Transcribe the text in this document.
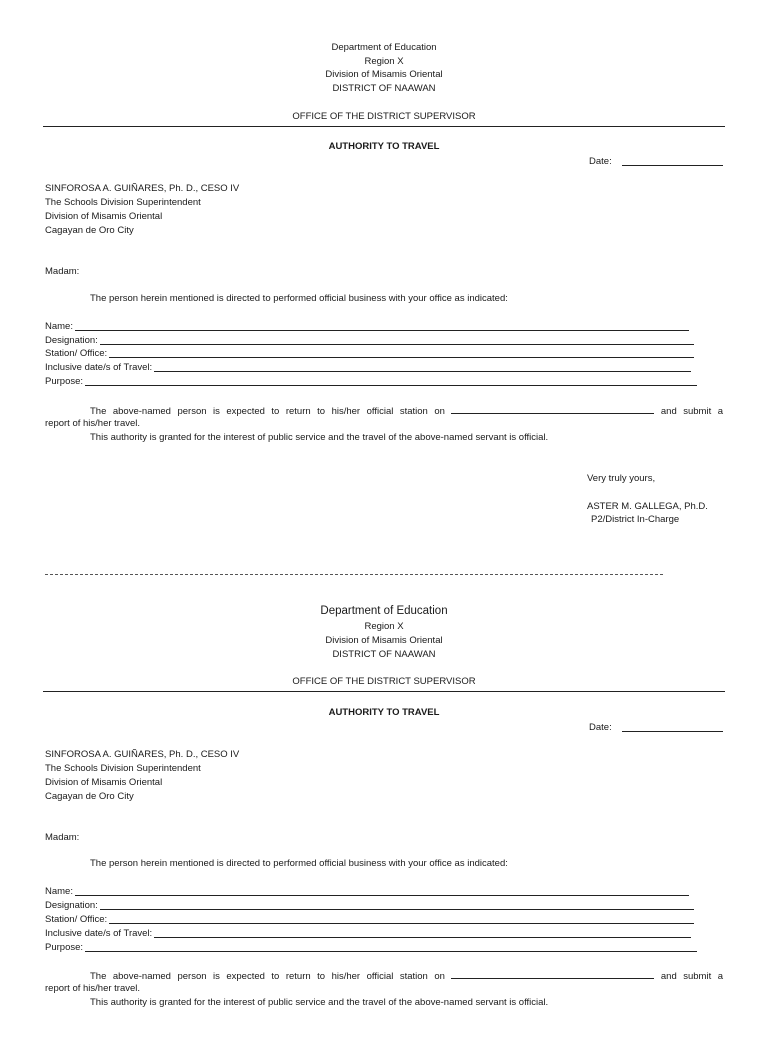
Department of Education
Region X
Division of Misamis Oriental
DISTRICT OF NAAWAN
OFFICE OF THE DISTRICT SUPERVISOR
AUTHORITY TO TRAVEL
Date:
SINFOROSA A. GUIÑARES, Ph. D., CESO IV
The Schools Division Superintendent
Division of Misamis Oriental
Cagayan de Oro City
Madam:
The person herein mentioned is directed to performed official business with your office as indicated:
Name:
Designation:
Station/ Office:
Inclusive date/s of Travel:
Purpose:
The above-named person is expected to return to his/her official station on	and submit a
report of his/her travel.
This authority is granted for the interest of public service and the travel of the above-named servant is official.
Very truly yours,
ASTER M. GALLEGA, Ph.D.
P2/District In-Charge
Department of Education
Region X
Division of Misamis Oriental
DISTRICT OF NAAWAN
OFFICE OF THE DISTRICT SUPERVISOR
AUTHORITY TO TRAVEL
Date:
SINFOROSA A. GUIÑARES, Ph. D., CESO IV
The Schools Division Superintendent
Division of Misamis Oriental
Cagayan de Oro City
Madam:
The person herein mentioned is directed to performed official business with your office as indicated:
Name:
Designation:
Station/ Office:
Inclusive date/s of Travel:
Purpose:
The above-named person is expected to return to his/her official station on	and submit a
report of his/her travel.
This authority is granted for the interest of public service and the travel of the above-named servant is official.
